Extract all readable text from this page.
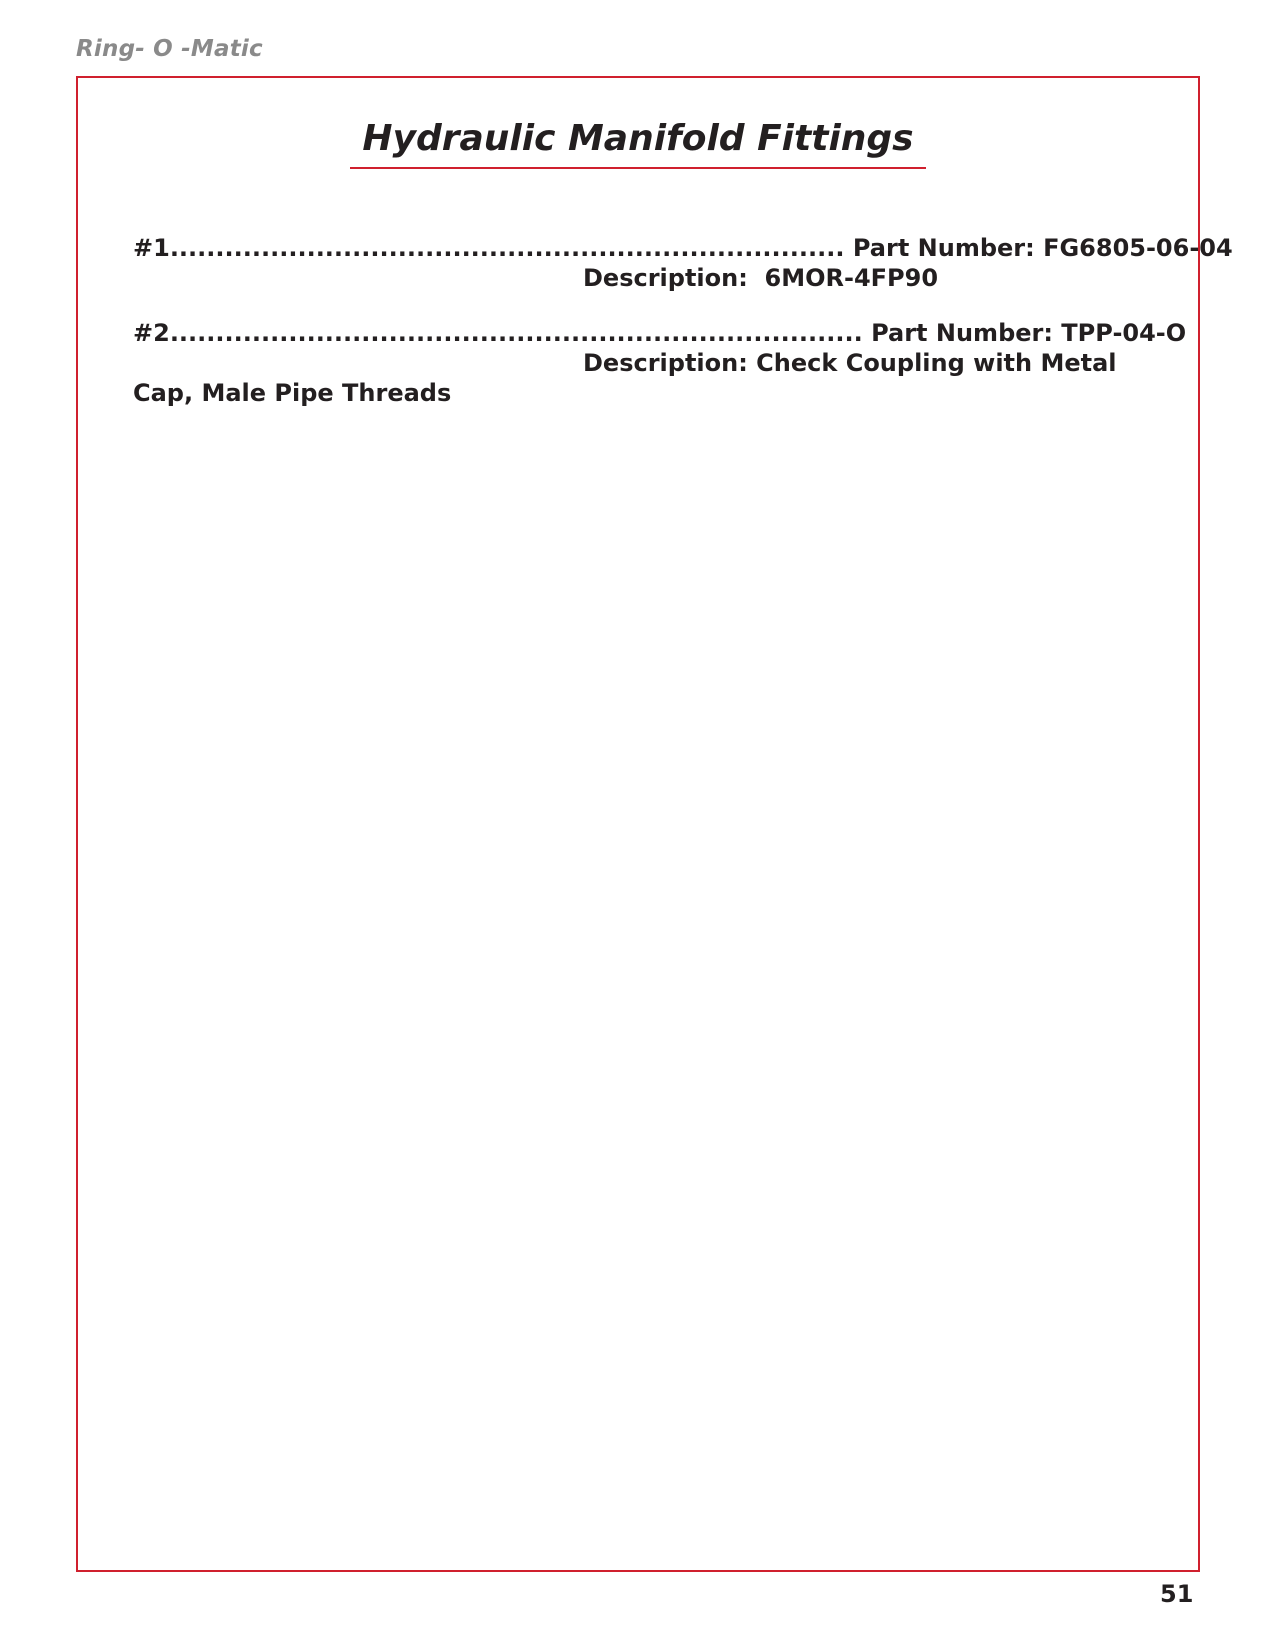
Ring- O -Matic
Hydraulic Manifold Fittings
#1.......................................................................... Part Number: FG6805-06-04
Description:  6MOR-4FP90
#2............................................................................ Part Number: TPP-04-O
Description: Check Coupling with Metal
Cap, Male Pipe Threads
51
